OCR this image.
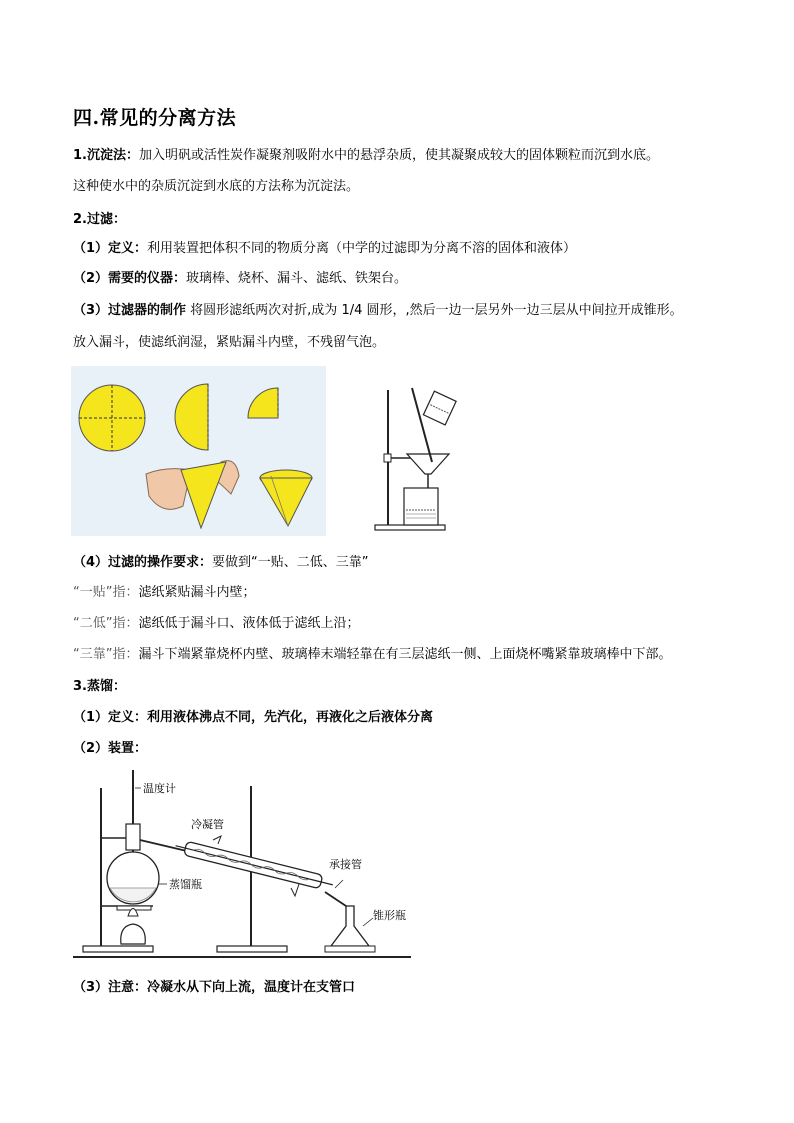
四.常见的分离方法
1.沉淀法：加入明矾或活性炭作凝聚剂吸附水中的悬浮杂质，使其凝聚成较大的固体颗粒而沉到水底。
这种使水中的杂质沉淀到水底的方法称为沉淀法。
2.过滤：
（1）定义：利用装置把体积不同的物质分离（中学的过滤即为分离不溶的固体和液体）
（2）需要的仪器：玻璃棒、烧杯、漏斗、滤纸、铁架台。
（3）过滤器的制作 将圆形滤纸两次对折,成为 1/4 圆形，,然后一边一层另外一边三层从中间拉开成锥形。
放入漏斗，使滤纸润湿，紧贴漏斗内壁，不残留气泡。
（4）过滤的操作要求：要做到“一贴、二低、三靠”
“一贴”指：滤纸紧贴漏斗内壁；
“二低”指：滤纸低于漏斗口、液体低于滤纸上沿；
“三靠”指：漏斗下端紧靠烧杯内壁、玻璃棒末端轻靠在有三层滤纸一侧、上面烧杯嘴紧靠玻璃棒中下部。
3.蒸馏：
（1）定义：利用液体沸点不同，先汽化，再液化之后液体分离
（2）装置：
温度计
冷凝管
蒸馏瓶
承接管
锥形瓶
（3）注意：冷凝水从下向上流，温度计在支管口
